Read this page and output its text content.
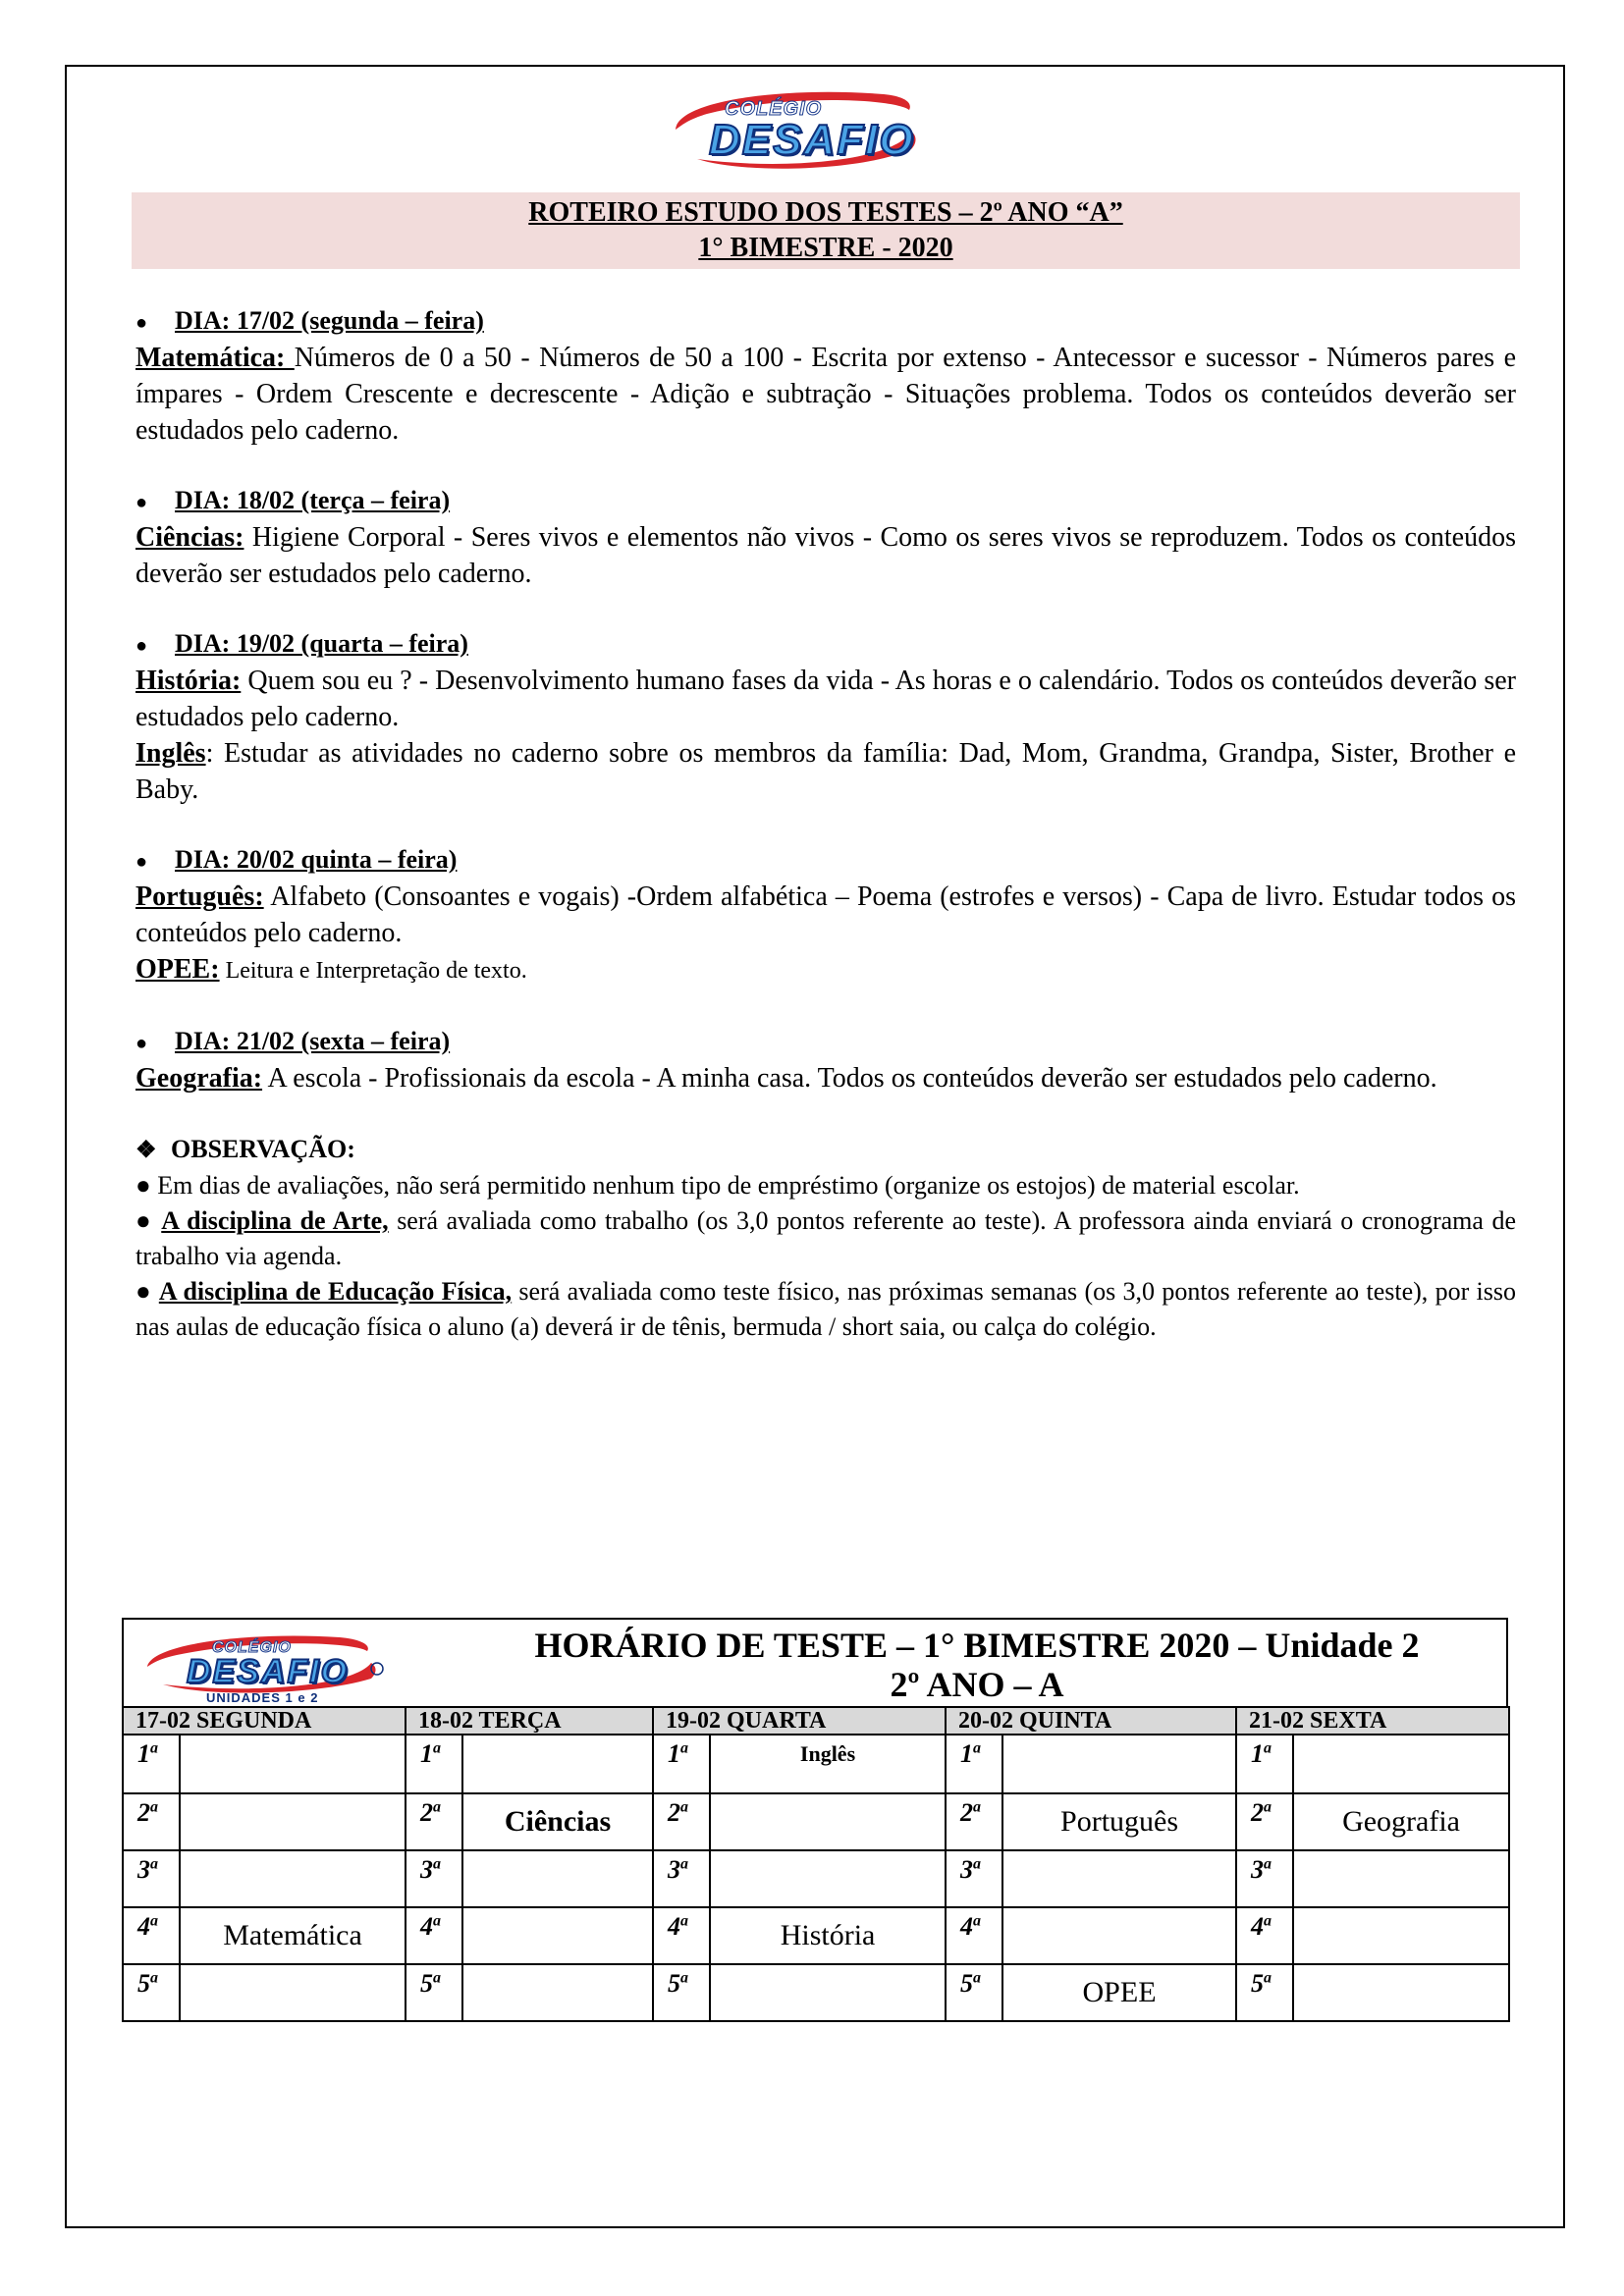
COLÉGIO
DESAFIO
ROTEIRO ESTUDO DOS TESTES – 2º ANO “A”
1° BIMESTRE - 2020
● DIA: 17/02 (segunda – feira)
Matemática: Números de 0 a 50 - Números de 50 a 100 - Escrita por extenso - Antecessor e sucessor - Números pares e ímpares - Ordem Crescente e decrescente - Adição e subtração - Situações problema. Todos os conteúdos deverão ser estudados pelo caderno.
● DIA: 18/02 (terça – feira)
Ciências: Higiene Corporal - Seres vivos e elementos não vivos - Como os seres vivos se reproduzem. Todos os conteúdos deverão ser estudados pelo caderno.
● DIA: 19/02 (quarta – feira)
História: Quem sou eu ? - Desenvolvimento humano fases da vida - As horas e o calendário. Todos os conteúdos deverão ser estudados pelo caderno.
Inglês: Estudar as atividades no caderno sobre os membros da família: Dad, Mom, Grandma, Grandpa, Sister, Brother e Baby.
● DIA: 20/02 quinta – feira)
Português: Alfabeto (Consoantes e vogais) -Ordem alfabética – Poema (estrofes e versos) - Capa de livro. Estudar todos os conteúdos pelo caderno.
OPEE: Leitura e Interpretação de texto.
● DIA: 21/02 (sexta – feira)
Geografia: A escola - Profissionais da escola - A minha casa. Todos os conteúdos deverão ser estudados pelo caderno.
❖ OBSERVAÇÃO:

● Em dias de avaliações, não será permitido nenhum tipo de empréstimo (organize os estojos) de material escolar.

● A disciplina de Arte, será avaliada como trabalho (os 3,0 pontos referente ao teste). A professora ainda enviará o cronograma de trabalho via agenda.

● A disciplina de Educação Física, será avaliada como teste físico, nas próximas semanas (os 3,0 pontos referente ao teste), por isso nas aulas de educação física o aluno (a) deverá ir de tênis, bermuda / short saia, ou calça do colégio.

COLÉGIO
DESAFIO
UNIDADES 1 e 2
HORÁRIO DE TESTE – 1° BIMESTRE 2020 – Unidade 2
2º ANO – A
17-02 SEGUNDA		18-02 TERÇA		19-02 QUARTA		20-02 QUINTA		21-02 SEXTA	
1$^a$		1$^a$		1$^a$	Inglês	1$^a$		1$^a$	
2$^a$		2$^a$	Ciências	2$^a$		2$^a$	Português	2$^a$	Geografia
3$^a$		3$^a$		3$^a$		3$^a$		3$^a$	
4$^a$	Matemática	4$^a$		4$^a$	História	4$^a$		4$^a$	
5$^a$		5$^a$		5$^a$		5$^a$	OPEE	5$^a$	
